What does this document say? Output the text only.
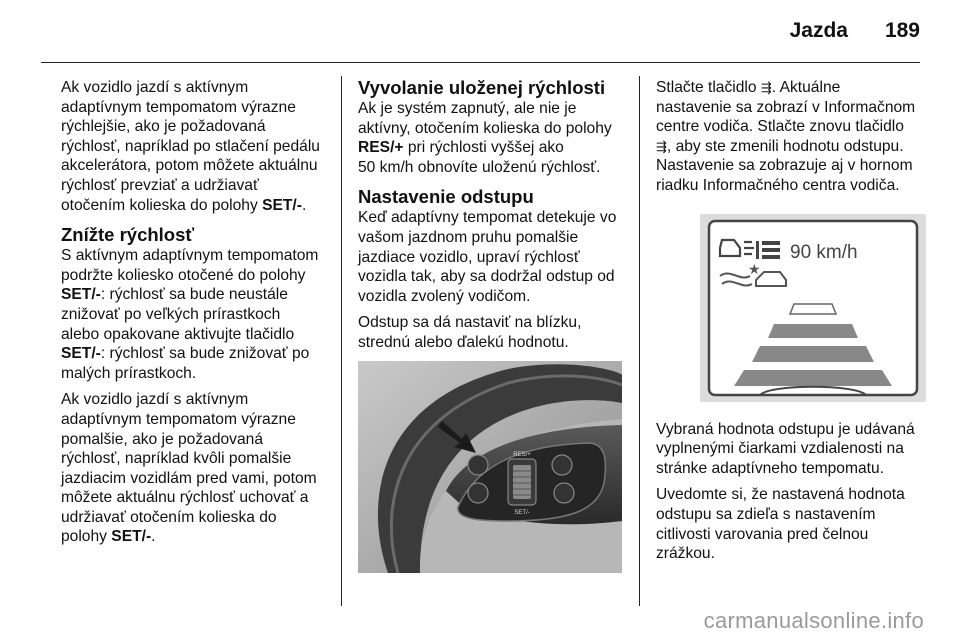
Jazda 189

Ak vozidlo jazdí s aktívnym
adaptívnym tempomatom výrazne
rýchlejšie, ako je požadovaná
rýchlosť, napríklad po stlačení pedálu
akcelerátora, potom môžete aktuálnu
rýchlosť prevziať a udržiavať
otočením kolieska do polohy SET/-.

Znížte rýchlosť

S aktívnym adaptívnym tempomatom
podržte koliesko otočené do polohy
SET/-: rýchlosť sa bude neustále
znižovať po veľkých prírastkoch
alebo opakovane aktivujte tlačidlo
SET/-: rýchlosť sa bude znižovať po
malých prírastkoch.

Ak vozidlo jazdí s aktívnym
adaptívnym tempomatom výrazne
pomalšie, ako je požadovaná
rýchlosť, napríklad kvôli pomalšie
jazdiacim vozidlám pred vami, potom
môžete aktuálnu rýchlosť uchovať a
udržiavať otočením kolieska do
polohy SET/-.

Vyvolanie uloženej rýchlosti

Ak je systém zapnutý, ale nie je
aktívny, otočením kolieska do polohy
RES/+ pri rýchlosti vyššej ako
50 km/h obnovíte uloženú rýchlosť.

Nastavenie odstupu

Keď adaptívny tempomat detekuje vo
vašom jazdnom pruhu pomalšie
jazdiace vozidlo, upraví rýchlosť
vozidla tak, aby sa dodržal odstup od
vozidla zvolený vodičom.

Odstup sa dá nastaviť na blízku,
strednú alebo ďalekú hodnotu.

RES/+
SET/-

Stlačte tlačidlo ⇶. Aktuálne
nastavenie sa zobrazí v Informačnom
centre vodiča. Stlačte znovu tlačidlo
⇶, aby ste zmenili hodnotu odstupu.
Nastavenie sa zobrazuje aj v hornom
riadku Informačného centra vodiča.

90 km/h
★

Vybraná hodnota odstupu je udávaná
vyplnenými čiarkami vzdialenosti na
stránke adaptívneho tempomatu.

Uvedomte si, že nastavená hodnota
odstupu sa zdieľa s nastavením
citlivosti varovania pred čelnou
zrážkou.

carmanualsonline.info
